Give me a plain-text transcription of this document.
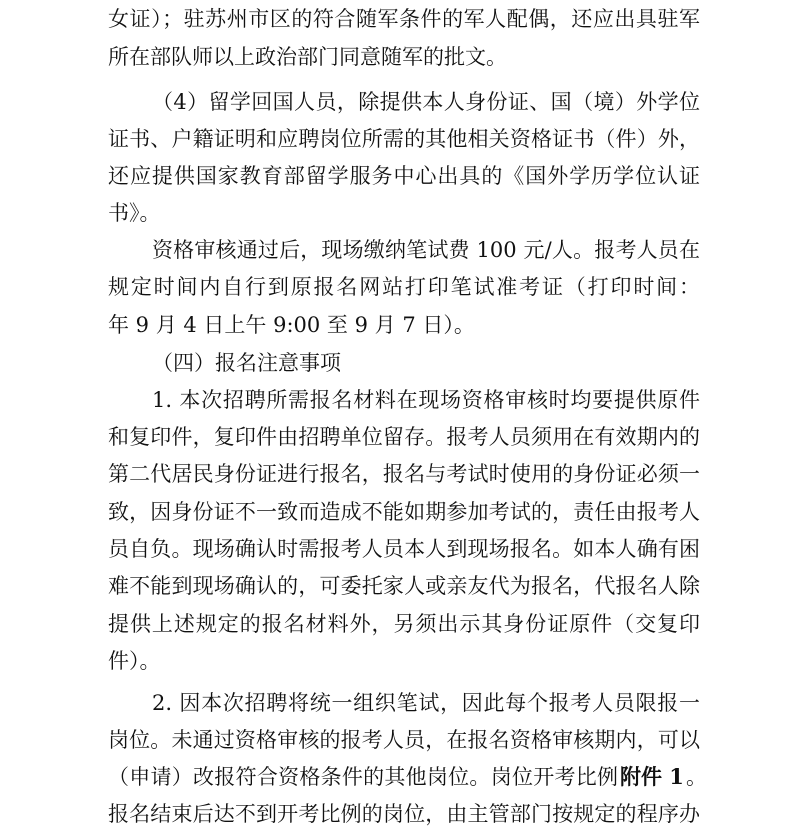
女证）；驻苏州市区的符合随军条件的军人配偶，还应出具驻军
所在部队师以上政治部门同意随军的批文。
（4）留学回国人员，除提供本人身份证、国（境）外学位
证书、户籍证明和应聘岗位所需的其他相关资格证书（件）外，
还应提供国家教育部留学服务中心出具的《国外学历学位认证
书》。
资格审核通过后，现场缴纳笔试费 100 元/人。报考人员在
规定时间内自行到原报名网站打印笔试准考证（打印时间：
年 9 月 4 日上午 9:00 至 9 月 7 日）。
（四）报名注意事项
1. 本次招聘所需报名材料在现场资格审核时均要提供原件
和复印件，复印件由招聘单位留存。报考人员须用在有效期内的
第二代居民身份证进行报名，报名与考试时使用的身份证必须一
致，因身份证不一致而造成不能如期参加考试的，责任由报考人
员自负。现场确认时需报考人员本人到现场报名。如本人确有困
难不能到现场确认的，可委托家人或亲友代为报名，代报名人除
提供上述规定的报名材料外，另须出示其身份证原件（交复印
件）。
2. 因本次招聘将统一组织笔试，因此每个报考人员限报一
岗位。未通过资格审核的报考人员，在报名资格审核期内，可以
（申请）改报符合资格条件的其他岗位。岗位开考比例 附件 1 。
报名结束后达不到开考比例的岗位，由主管部门按规定的程序办
